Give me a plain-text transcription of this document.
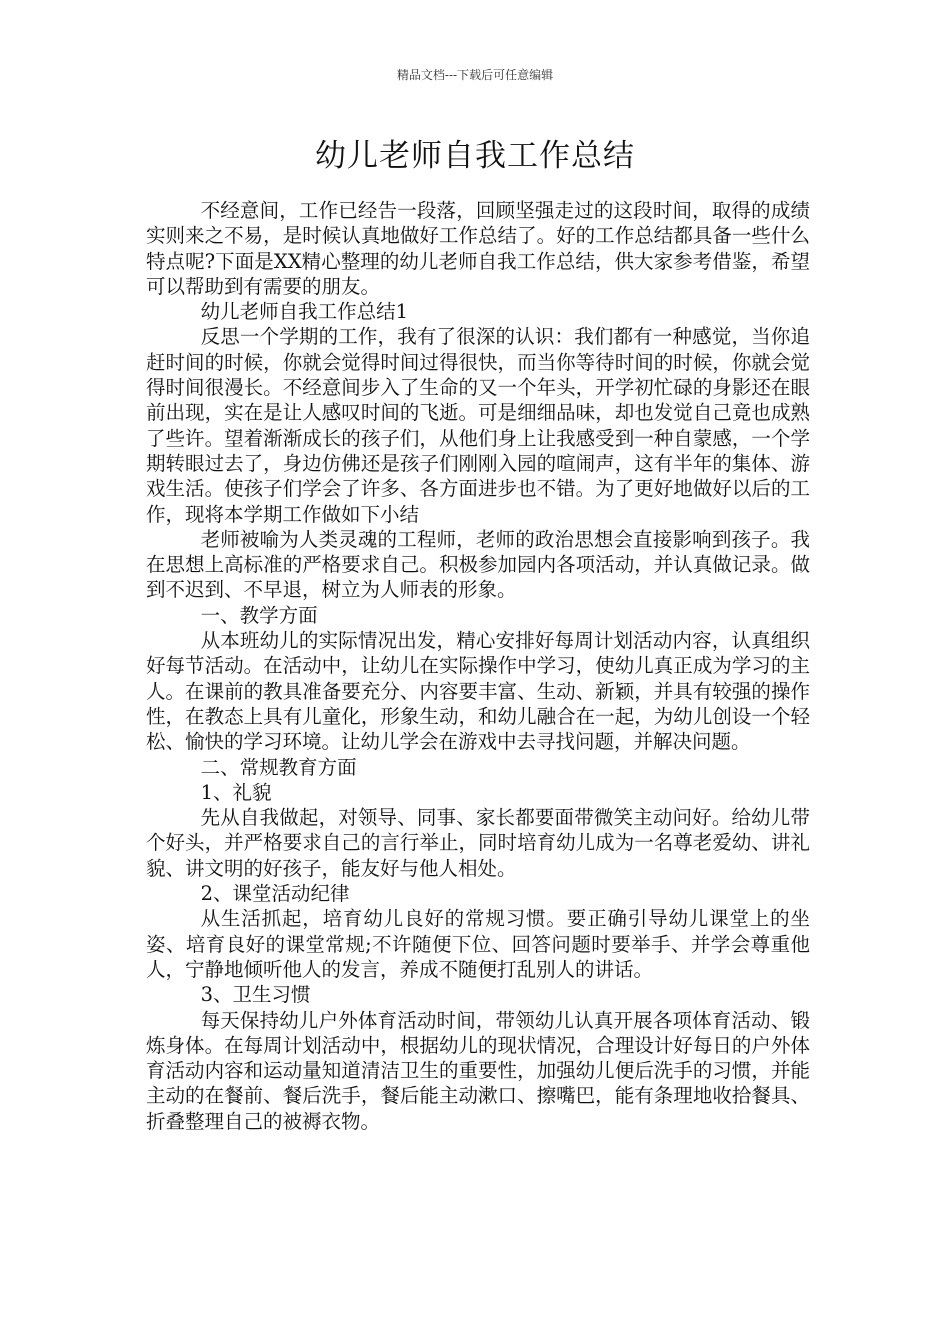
精品文档---下载后可任意编辑
幼儿老师自我工作总结

不经意间，工作已经告一段落，回顾坚强走过的这段时间，取得的成绩实则来之不易，是时候认真地做好工作总结了。好的工作总结都具备一些什么特点呢?下面是XX精心整理的幼儿老师自我工作总结，供大家参考借鉴，希望可以帮助到有需要的朋友。

幼儿老师自我工作总结1

反思一个学期的工作，我有了很深的认识：我们都有一种感觉，当你追赶时间的时候，你就会觉得时间过得很快，而当你等待时间的时候，你就会觉得时间很漫长。不经意间步入了生命的又一个年头，开学初忙碌的身影还在眼前出现，实在是让人感叹时间的飞逝。可是细细品味，却也发觉自己竟也成熟了些许。望着渐渐成长的孩子们，从他们身上让我感受到一种自蒙感，一个学期转眼过去了，身边仿佛还是孩子们刚刚入园的喧闹声，这有半年的集体、游戏生活。使孩子们学会了许多、各方面进步也不错。为了更好地做好以后的工作，现将本学期工作做如下小结

老师被喻为人类灵魂的工程师，老师的政治思想会直接影响到孩子。我在思想上高标准的严格要求自己。积极参加园内各项活动，并认真做记录。做到不迟到、不早退，树立为人师表的形象。

一、教学方面

从本班幼儿的实际情况出发，精心安排好每周计划活动内容，认真组织好每节活动。在活动中，让幼儿在实际操作中学习，使幼儿真正成为学习的主人。在课前的教具准备要充分、内容要丰富、生动、新颖，并具有较强的操作性，在教态上具有儿童化，形象生动，和幼儿融合在一起，为幼儿创设一个轻松、愉快的学习环境。让幼儿学会在游戏中去寻找问题，并解决问题。

二、常规教育方面

1、礼貌

先从自我做起，对领导、同事、家长都要面带微笑主动问好。给幼儿带个好头，并严格要求自己的言行举止，同时培育幼儿成为一名尊老爱幼、讲礼貌、讲文明的好孩子，能友好与他人相处。

2、课堂活动纪律

从生活抓起，培育幼儿良好的常规习惯。要正确引导幼儿课堂上的坐姿、培育良好的课堂常规;不许随便下位、回答问题时要举手、并学会尊重他人，宁静地倾听他人的发言，养成不随便打乱别人的讲话。

3、卫生习惯

每天保持幼儿户外体育活动时间，带领幼儿认真开展各项体育活动、锻炼身体。在每周计划活动中，根据幼儿的现状情况，合理设计好每日的户外体育活动内容和运动量知道清洁卫生的重要性，加强幼儿便后洗手的习惯，并能主动的在餐前、餐后洗手，餐后能主动漱口、擦嘴巴，能有条理地收拾餐具、折叠整理自己的被褥衣物。
